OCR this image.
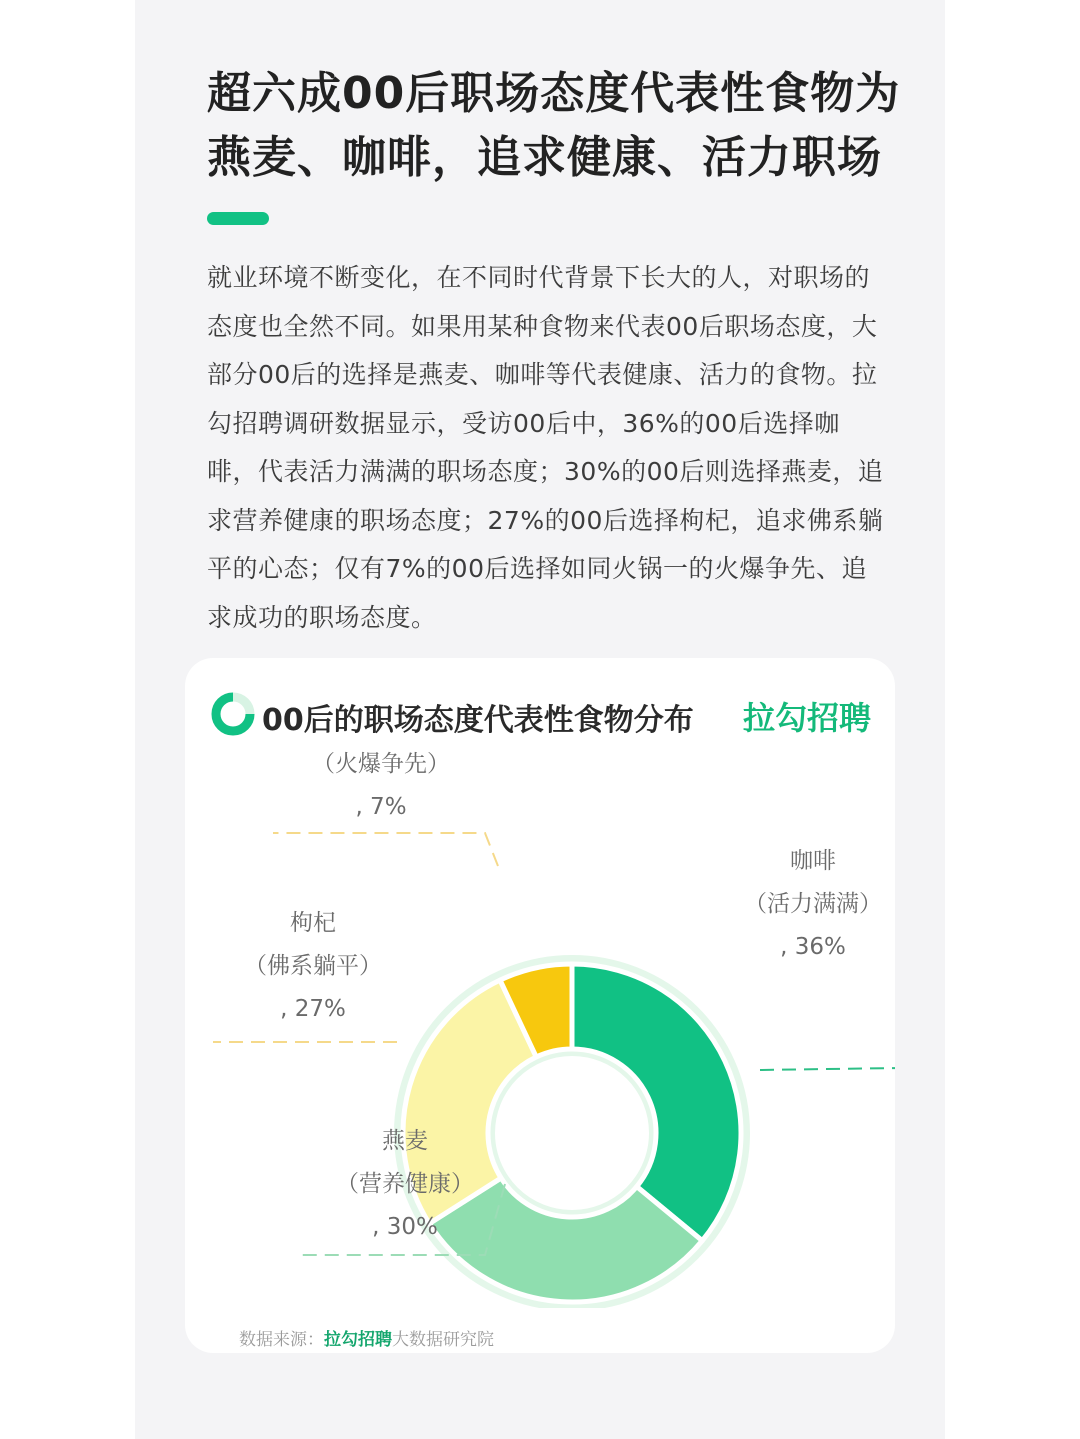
超六成00后职场态度代表性食物为
燕麦、咖啡，追求健康、活力职场

就业环境不断变化，在不同时代背景下长大的人，对职场的态度也全然不同。如果用某种食物来代表00后职场态度，大部分00后的选择是燕麦、咖啡等代表健康、活力的食物。拉勾招聘调研数据显示，受访00后中，36%的00后选择咖啡，代表活力满满的职场态度；30%的00后则选择燕麦，追求营养健康的职场态度；27%的00后选择枸杞，追求佛系躺平的心态；仅有7%的00后选择如同火锅一的火爆争先、追求成功的职场态度。

00后的职场态度代表性食物分布 拉勾招聘
咖啡
（活力满满）
, 36%
燕麦
（营养健康）
, 30%
枸杞
（佛系躺平）
, 27%
（火爆争先）
, 7%
数据来源：拉勾招聘大数据研究院
